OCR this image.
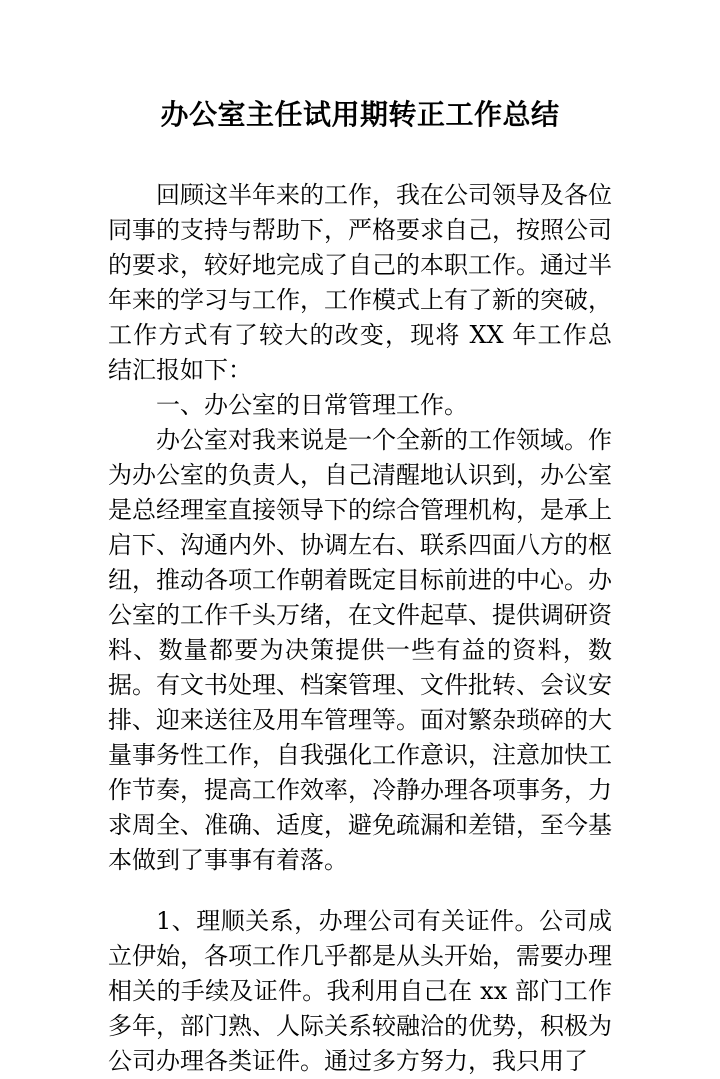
办公室主任试用期转正工作总结

回顾这半年来的工作，我在公司领导及各位同事的支持与帮助下，严格要求自己，按照公司的要求，较好地完成了自己的本职工作。通过半年来的学习与工作，工作模式上有了新的突破，工作方式有了较大的改变，现将 XX 年工作总结汇报如下：

一、办公室的日常管理工作。

办公室对我来说是一个全新的工作领域。作为办公室的负责人，自己清醒地认识到，办公室是总经理室直接领导下的综合管理机构，是承上启下、沟通内外、协调左右、联系四面八方的枢纽，推动各项工作朝着既定目标前进的中心。办公室的工作千头万绪，在文件起草、提供调研资料、数量都要为决策提供一些有益的资料，数据。有文书处理、档案管理、文件批转、会议安排、迎来送往及用车管理等。面对繁杂琐碎的大量事务性工作，自我强化工作意识，注意加快工作节奏，提高工作效率，冷静办理各项事务，力求周全、准确、适度，避免疏漏和差错，至今基本做到了事事有着落。

1、理顺关系，办理公司有关证件。公司成立伊始，各项工作几乎都是从头开始，需要办理相关的手续及证件。我利用自己在 xx 部门工作多年，部门熟、人际关系较融洽的优势，积极为公司办理各类证件。通过多方努力，我只用了
